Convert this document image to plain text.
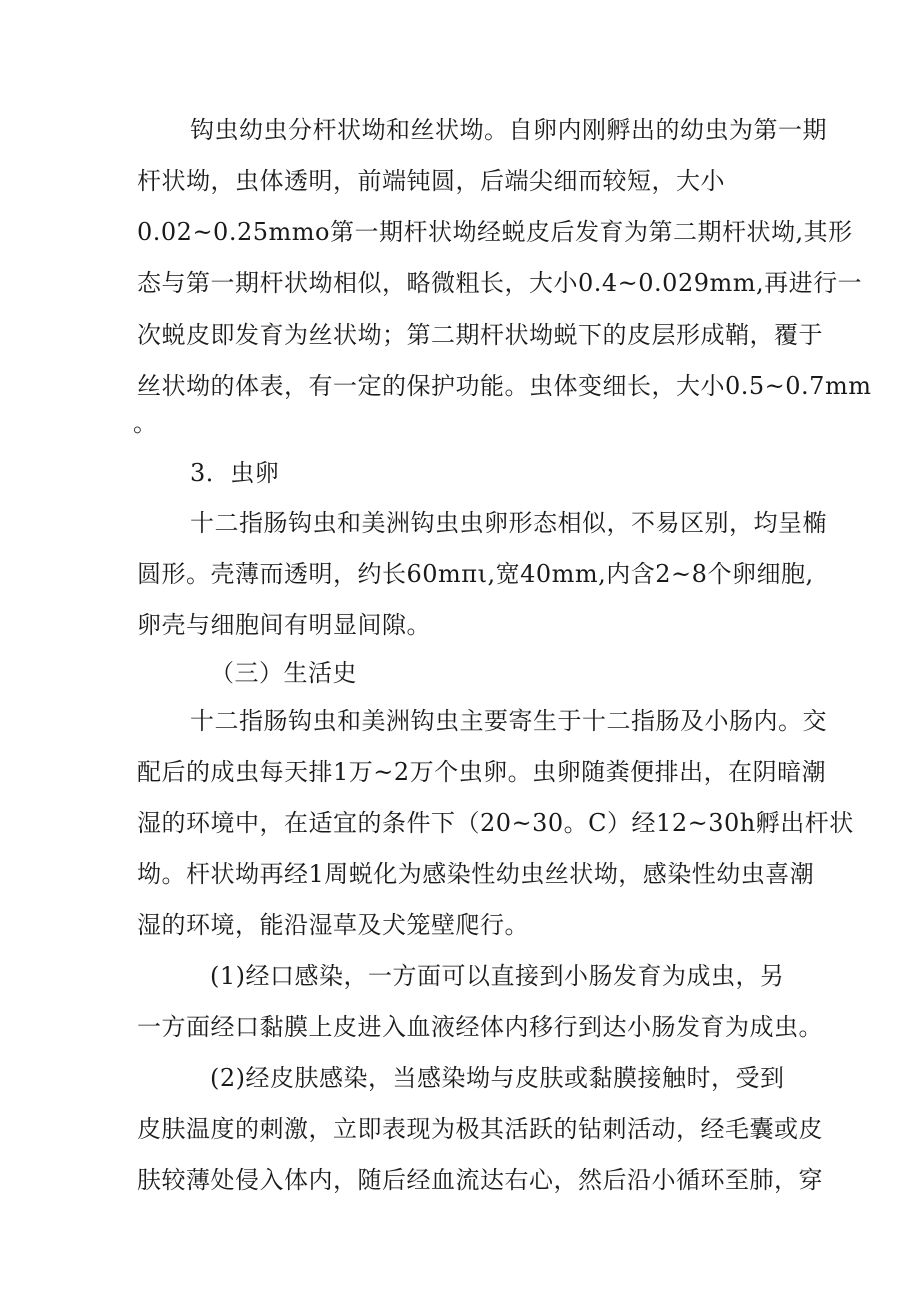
钩虫幼虫分杆状坳和丝状坳。自卵内刚孵出的幼虫为第一期
杆状坳，虫体透明，前端钝圆，后端尖细而较短，大小
0.02~0.25mmo第一期杆状坳经蜕皮后发育为第二期杆状坳,其形
态与第一期杆状坳相似，略微粗长，大小0.4~0.029mm,再进行一
次蜕皮即发育为丝状坳；第二期杆状坳蜕下的皮层形成鞘，覆于
丝状坳的体表，有一定的保护功能。虫体变细长，大小0.5~0.7mm
。
3．虫卵
十二指肠钩虫和美洲钩虫虫卵形态相似，不易区别，均呈椭
圆形。壳薄而透明，约长60mπι,宽40mm,内含2~8个卵细胞,
卵壳与细胞间有明显间隙。
（三）生活史
十二指肠钩虫和美洲钩虫主要寄生于十二指肠及小肠内。交
配后的成虫每天排1万~2万个虫卵。虫卵随粪便排出，在阴暗潮
湿的环境中，在适宜的条件下（20~30。C）经12~30h孵出杆状
坳。杆状坳再经1周蜕化为感染性幼虫丝状坳，感染性幼虫喜潮
湿的环境，能沿湿草及犬笼壁爬行。
(1)经口感染，一方面可以直接到小肠发育为成虫，另
一方面经口黏膜上皮进入血液经体内移行到达小肠发育为成虫。
(2)经皮肤感染，当感染坳与皮肤或黏膜接触时，受到
皮肤温度的刺激，立即表现为极其活跃的钻刺活动，经毛囊或皮
肤较薄处侵入体内，随后经血流达右心，然后沿小循环至肺，穿
